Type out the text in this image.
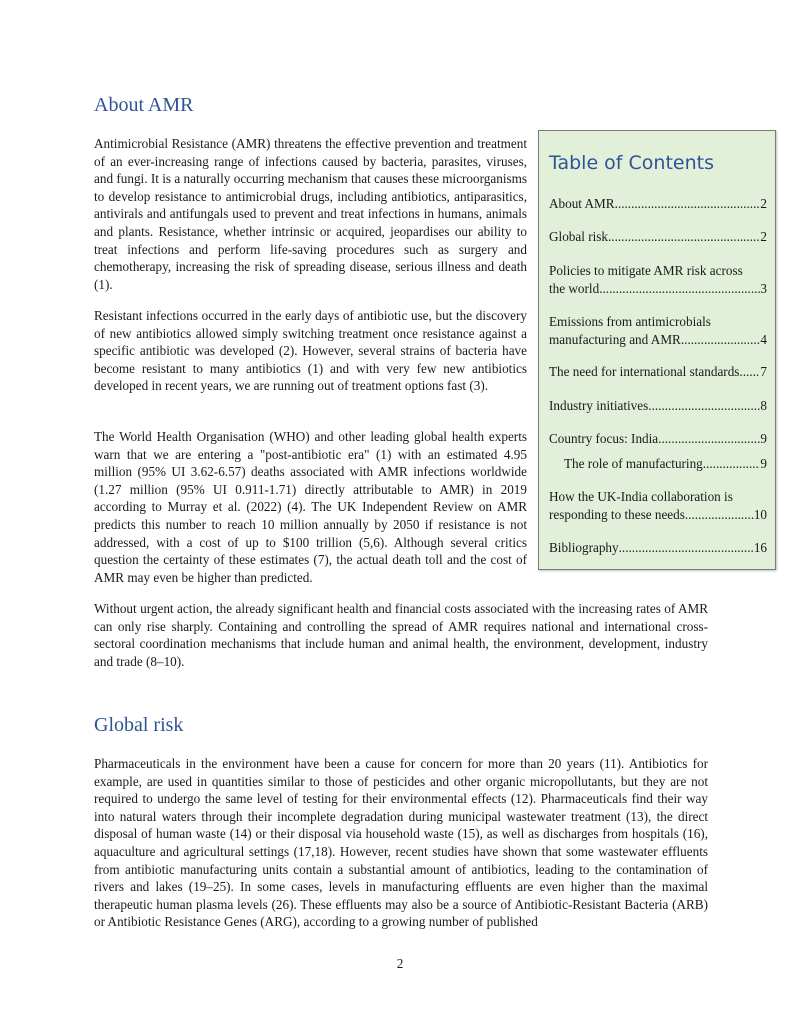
About AMR

Antimicrobial Resistance (AMR) threatens the effective prevention and treatment of an ever-increasing range of infections caused by bacteria, parasites, viruses, and fungi. It is a naturally occurring mechanism that causes these microorganisms to develop resistance to antimicrobial drugs, including antibiotics, antiparasitics, antivirals and antifungals used to prevent and treat infections in humans, animals and plants. Resistance, whether intrinsic or acquired, jeopardises our ability to treat infections and perform life-saving procedures such as surgery and chemotherapy, increasing the risk of spreading disease, serious illness and death (1).

Resistant infections occurred in the early days of antibiotic use, but the discovery of new antibiotics allowed simply switching treatment once resistance against a specific antibiotic was developed (2). However, several strains of bacteria have become resistant to many antibiotics (1) and with very few new antibiotics developed in recent years, we are running out of treatment options fast (3).

The World Health Organisation (WHO) and other leading global health experts warn that we are entering a "post-antibiotic era" (1) with an estimated 4.95 million (95% UI 3.62-6.57) deaths associated with AMR infections worldwide (1.27 million (95% UI 0.911-1.71) directly attributable to AMR) in 2019 according to Murray et al. (2022) (4). The UK Independent Review on AMR predicts this number to reach 10 million annually by 2050 if resistance is not addressed, with a cost of up to $100 trillion (5,6). Although several critics question the certainty of these estimates (7), the actual death toll and the cost of AMR may even be higher than predicted.

Without urgent action, the already significant health and financial costs associated with the increasing rates of AMR can only rise sharply. Containing and controlling the spread of AMR requires national and international cross-sectoral coordination mechanisms that include human and animal health, the environment, development, industry and trade (8–10).

Global risk

Pharmaceuticals in the environment have been a cause for concern for more than 20 years (11). Antibiotics for example, are used in quantities similar to those of pesticides and other organic micropollutants, but they are not required to undergo the same level of testing for their environmental effects (12). Pharmaceuticals find their way into natural waters through their incomplete degradation during municipal wastewater treatment (13), the direct disposal of human waste (14) or their disposal via household waste (15), as well as discharges from hospitals (16), aquaculture and agricultural settings (17,18). However, recent studies have shown that some wastewater effluents from antibiotic manufacturing units contain a substantial amount of antibiotics, leading to the contamination of rivers and lakes (19–25). In some cases, levels in manufacturing effluents are even higher than the maximal therapeutic human plasma levels (26). These effluents may also be a source of Antibiotic-Resistant Bacteria (ARB) or Antibiotic Resistance Genes (ARG), according to a growing number of published

Table of Contents
About AMR .....	2
Global risk .....	2
Policies to mitigate AMR risk across
the world .....	3
Emissions from antimicrobials
manufacturing and AMR .....	4
The need for international standards ..... 7
Industry initiatives .....	8
Country focus: India .....	9
The role of manufacturing .....	9
How the UK-India collaboration is
responding to these needs .....	10
Bibliography .....	16
2
